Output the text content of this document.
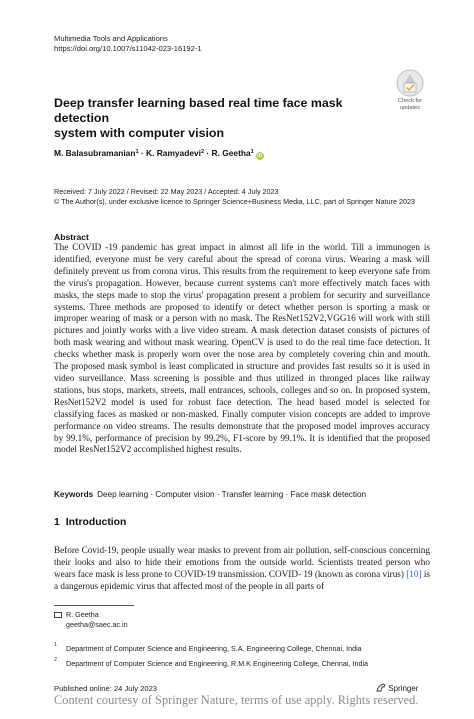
Multimedia Tools and Applications
https://doi.org/10.1007/s11042-023-16192-1
Check for
updates
Deep transfer learning based real time face mask detection
system with computer vision
M. Balasubramanian$^1$ · K. Ramyadevi$^2$ · R. Geetha$^1$iD
Received: 7 July 2022 / Revised: 22 May 2023 / Accepted: 4 July 2023
© The Author(s), under exclusive licence to Springer Science+Business Media, LLC, part of Springer Nature 2023
Abstract

The COVID -19 pandemic has great impact in almost all life in the world. Till a immunogen is identified, everyone must be very careful about the spread of corona virus. Wearing a mask will definitely prevent us from corona virus. This results from the requirement to keep everyone safe from the virus's propagation. However, because current systems can't more effectively match faces with masks, the steps made to stop the virus' propagation present a problem for security and surveillance systems. Three methods are proposed to identify or detect whether person is sporting a mask or improper wearing of mask or a person with no mask. The ResNet152V2,VGG16 will work with still pictures and jointly works with a live video stream. A mask detection dataset consists of pictures of both mask wearing and without mask wearing. OpenCV is used to do the real time face detection. It checks whether mask is properly worn over the nose area by completely covering chin and mouth. The proposed mask symbol is least complicated in structure and provides fast results so it is used in video surveillance. Mass screening is possible and thus utilized in thronged places like railway stations, bus stops, markets, streets, mall entrances, schools, colleges and so on. In proposed system, ResNet152V2 model is used for robust face detection. The head based model is selected for classifying faces as masked or non-masked. Finally computer vision concepts are added to improve performance on video streams. The results demonstrate that the proposed model improves accuracy by 99.1%, performance of precision by 99.2%, F1-score by 99.1%. It is identified that the proposed model ResNet152V2 accomplished highest results.

Keywords Deep learning · Computer vision · Transfer learning · Face mask detection
1 Introduction

Before Covid-19, people usually wear masks to prevent from air pollution, self-conscious concerning their looks and also to hide their emotions from the outside world. Scientists treated person who wears face mask is less prone to COVID-19 transmission. COVID- 19 (known as corona virus) [10] is a dangerous epidemic virus that affected most of the people in all parts of

R. Geetha
geetha@saec.ac.in
1 Department of Computer Science and Engineering, S.A. Engineering College, Chennai, India
2 Department of Computer Science and Engineering, R.M.K Engineering College, Chennai, India
Published online: 24 July 2023	Springer
Content courtesy of Springer Nature, terms of use apply. Rights reserved.
